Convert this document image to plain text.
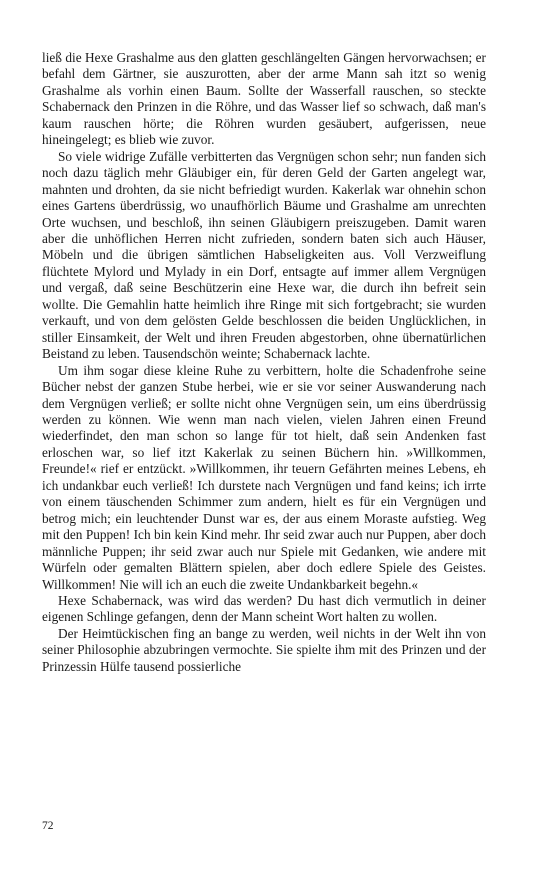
ließ die Hexe Grashalme aus den glatten geschlängelten Gängen hervorwachsen; er befahl dem Gärtner, sie auszurotten, aber der arme Mann sah itzt so wenig Grashalme als vorhin einen Baum. Sollte der Wasserfall rauschen, so steckte Schabernack den Prinzen in die Röhre, und das Wasser lief so schwach, daß man's kaum rauschen hörte; die Röhren wurden gesäubert, aufgerissen, neue hineingelegt; es blieb wie zuvor.

So viele widrige Zufälle verbitterten das Vergnügen schon sehr; nun fanden sich noch dazu täglich mehr Gläubiger ein, für deren Geld der Garten angelegt war, mahnten und drohten, da sie nicht befriedigt wurden. Kakerlak war ohnehin schon eines Gartens überdrüssig, wo unaufhörlich Bäume und Grashalme am unrechten Orte wuchsen, und beschloß, ihn seinen Gläubigern preiszugeben. Damit waren aber die unhöflichen Herren nicht zufrieden, sondern baten sich auch Häuser, Möbeln und die übrigen sämtlichen Habseligkeiten aus. Voll Verzweiflung flüchtete Mylord und Mylady in ein Dorf, entsagte auf immer allem Vergnügen und vergaß, daß seine Beschützerin eine Hexe war, die durch ihn befreit sein wollte. Die Gemahlin hatte heimlich ihre Ringe mit sich fortgebracht; sie wurden verkauft, und von dem gelösten Gelde beschlossen die beiden Unglücklichen, in stiller Einsamkeit, der Welt und ihren Freuden abgestorben, ohne übernatürlichen Beistand zu leben. Tausendschön weinte; Schabernack lachte.

Um ihm sogar diese kleine Ruhe zu verbittern, holte die Schadenfrohe seine Bücher nebst der ganzen Stube herbei, wie er sie vor seiner Auswanderung nach dem Vergnügen verließ; er sollte nicht ohne Vergnügen sein, um eins überdrüssig werden zu können. Wie wenn man nach vielen, vielen Jahren einen Freund wiederfindet, den man schon so lange für tot hielt, daß sein Andenken fast erloschen war, so lief itzt Kakerlak zu seinen Büchern hin. »Willkommen, Freunde!« rief er entzückt. »Willkommen, ihr teuern Gefährten meines Lebens, eh ich undankbar euch verließ! Ich durstete nach Vergnügen und fand keins; ich irrte von einem täuschenden Schimmer zum andern, hielt es für ein Vergnügen und betrog mich; ein leuchtender Dunst war es, der aus einem Moraste aufstieg. Weg mit den Puppen! Ich bin kein Kind mehr. Ihr seid zwar auch nur Puppen, aber doch männliche Puppen; ihr seid zwar auch nur Spiele mit Gedanken, wie andere mit Würfeln oder gemalten Blättern spielen, aber doch edlere Spiele des Geistes. Willkommen! Nie will ich an euch die zweite Undankbarkeit begehn.«

Hexe Schabernack, was wird das werden? Du hast dich vermutlich in deiner eigenen Schlinge gefangen, denn der Mann scheint Wort halten zu wollen.

Der Heimtückischen fing an bange zu werden, weil nichts in der Welt ihn von seiner Philosophie abzubringen vermochte. Sie spielte ihm mit des Prinzen und der Prinzessin Hülfe tausend possierliche

72
